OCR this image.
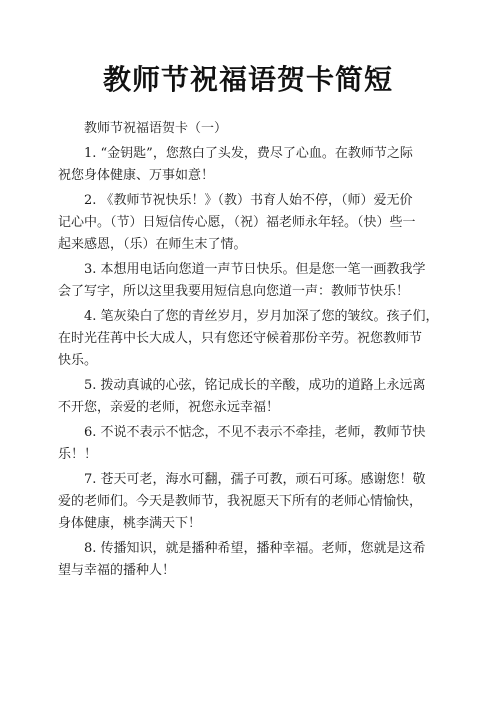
教师节祝福语贺卡简短
教师节祝福语贺卡（一）
1. “金钥匙”，您熬白了头发，费尽了心血。在教师节之际
祝您身体健康、万事如意！
2. 《教师节祝快乐！》（教）书育人始不停，（师）爱无价
记心中。（节）日短信传心愿，（祝）福老师永年轻。（快）些一
起来感恩，（乐）在师生末了情。
3. 本想用电话向您道一声节日快乐。但是您一笔一画教我学
会了写字，所以这里我要用短信息向您道一声：教师节快乐！
4. 笔灰染白了您的青丝岁月，岁月加深了您的皱纹。孩子们，
在时光荏苒中长大成人，只有您还守候着那份辛劳。祝您教师节
快乐。
5. 拨动真诚的心弦，铭记成长的辛酸，成功的道路上永远离
不开您，亲爱的老师，祝您永远幸福！
6. 不说不表示不惦念，不见不表示不牵挂，老师，教师节快
乐！！
7. 苍天可老，海水可翻，孺子可教，顽石可琢。感谢您！敬
爱的老师们。今天是教师节，我祝愿天下所有的老师心情愉快，
身体健康，桃李满天下！
8. 传播知识，就是播种希望，播种幸福。老师，您就是这希
望与幸福的播种人！
